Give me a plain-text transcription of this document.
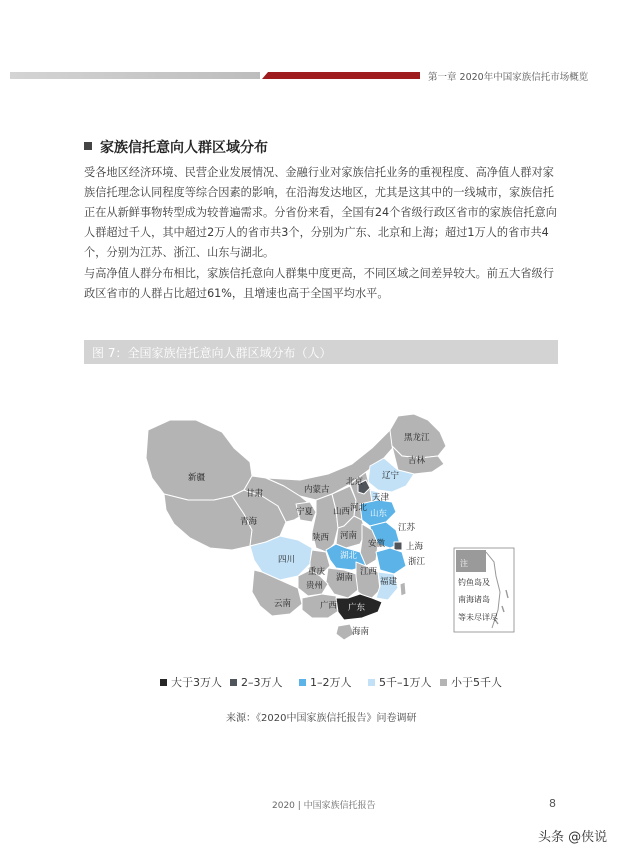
第一章 2020年中国家族信托市场概览
家族信托意向人群区域分布

受各地区经济环境、民营企业发展情况、金融行业对家族信托业务的重视程度、高净值人群对家族信托理念认同程度等综合因素的影响，在沿海发达地区，尤其是这其中的一线城市，家族信托正在从新鲜事物转型成为较普遍需求。分省份来看，全国有24个省级行政区省市的家族信托意向人群超过千人，其中超过2万人的省市共3个，分别为广东、北京和上海；超过1万人的省市共4个，分别为江苏、浙江、山东与湖北。

与高净值人群分布相比，家族信托意向人群集中度更高，不同区域之间差异较大。前五大省级行政区省市的人群占比超过61%，且增速也高于全国平均水平。

图 7：全国家族信托意向人群区域分布（人）
黑龙江
吉林
辽宁
新疆
内蒙古
北京
天津
河北
甘肃
宁夏 山西 山东
青海
陕西 河南
江苏
安徽 上海
四川	湖北
浙江
重庆	江西
贵州
湖南	福建
云南	广西 广东
海南
注
钓鱼岛及
南海诸岛
等未尽详尽
大于3万人	2–3万人	1–2万人	5千–1万人	小于5千人
来源：《2020中国家族信托报告》问卷调研
2020 | 中国家族信托报告	8
头条 @侠说
